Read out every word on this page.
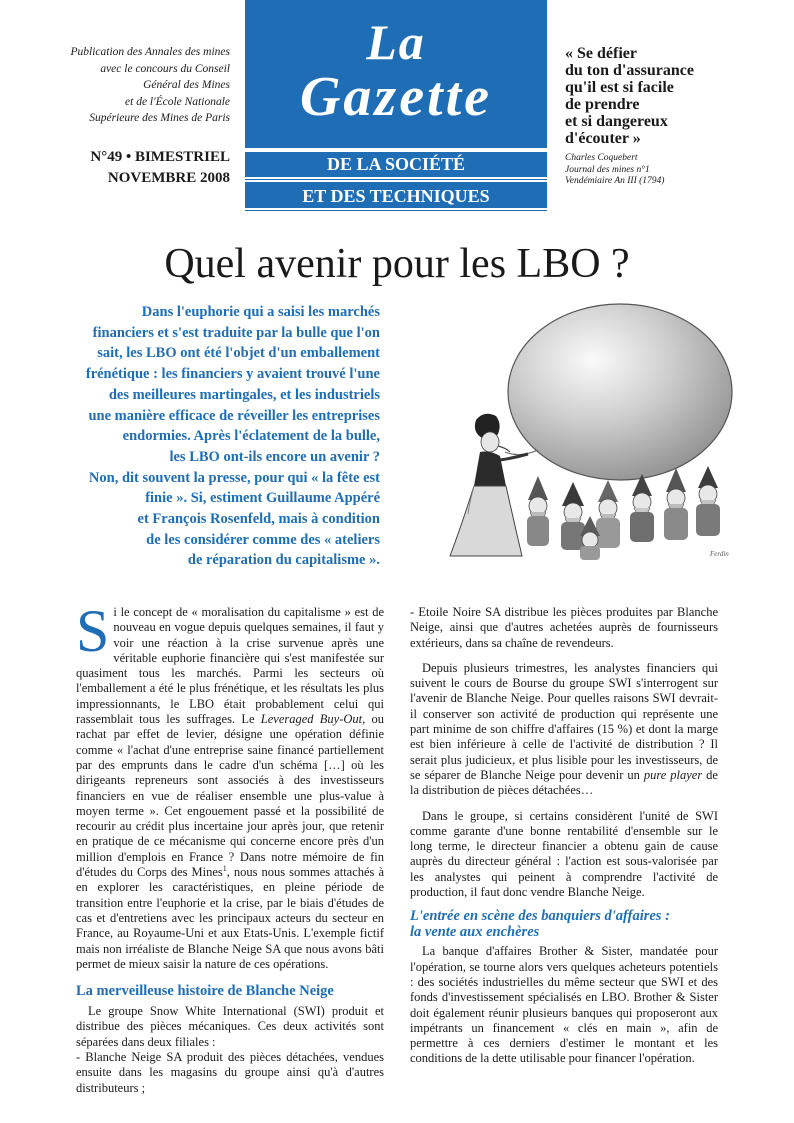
Publication des Annales des mines
avec le concours du Conseil
Général des Mines
et de l'École Nationale
Supérieure des Mines de Paris
N°49 • BIMESTRIEL
NOVEMBRE 2008
La
Gazette
DE LA SOCIÉTÉ
ET DES TECHNIQUES
« Se défier
du ton d'assurance
qu'il est si facile
de prendre
et si dangereux
d'écouter »
Charles Coquebert
Journal des mines n°1
Vendémiaire An III (1794)
Quel avenir pour les LBO ?
Dans l'euphorie qui a saisi les marchés
financiers et s'est traduite par la bulle que l'on
sait, les LBO ont été l'objet d'un emballement
frénétique : les financiers y avaient trouvé l'une
des meilleures martingales, et les industriels
une manière efficace de réveiller les entreprises
endormies. Après l'éclatement de la bulle,
les LBO ont-ils encore un avenir ?
Non, dit souvent la presse, pour qui « la fête est
finie ». Si, estiment Guillaume Appéré
et François Rosenfeld, mais à condition
de les considérer comme des « ateliers
de réparation du capitalisme ».	Ferdin

Si le concept de « moralisation du capitalisme » est de nouveau en vogue depuis quelques semaines, il faut y voir une réaction à la crise survenue après une véritable euphorie financière qui s'est manifestée sur quasiment tous les marchés. Parmi les secteurs où l'emballement a été le plus frénétique, et les résultats les plus impressionnants, le LBO était probablement celui qui rassemblait tous les suffrages. Le Leveraged Buy-Out, ou rachat par effet de levier, désigne une opération définie comme « l'achat d'une entreprise saine financé partiellement par des emprunts dans le cadre d'un schéma […] où les dirigeants repreneurs sont associés à des investisseurs financiers en vue de réaliser ensemble une plus-value à moyen terme ». Cet engouement passé et la possibilité de recourir au crédit plus incertaine jour après jour, que retenir en pratique de ce mécanisme qui concerne encore près d'un million d'emplois en France ? Dans notre mémoire de fin d'études du Corps des Mines$^1$, nous nous sommes attachés à en explorer les caractéristiques, en pleine période de transition entre l'euphorie et la crise, par le biais d'études de cas et d'entretiens avec les principaux acteurs du secteur en France, au Royaume-Uni et aux Etats-Unis. L'exemple fictif mais non irréaliste de Blanche Neige SA que nous avons bâti permet de mieux saisir la nature de ces opérations.

La merveilleuse histoire de Blanche Neige

Le groupe Snow White International (SWI) produit et distribue des pièces mécaniques. Ces deux activités sont séparées dans deux filiales :

- Blanche Neige SA produit des pièces détachées, vendues ensuite dans les magasins du groupe ainsi qu'à d'autres distributeurs ;

- Etoile Noire SA distribue les pièces produites par Blanche Neige, ainsi que d'autres achetées auprès de fournisseurs extérieurs, dans sa chaîne de revendeurs.

Depuis plusieurs trimestres, les analystes financiers qui suivent le cours de Bourse du groupe SWI s'interrogent sur l'avenir de Blanche Neige. Pour quelles raisons SWI devrait-il conserver son activité de production qui représente une part minime de son chiffre d'affaires (15 %) et dont la marge est bien inférieure à celle de l'activité de distribution ? Il serait plus judicieux, et plus lisible pour les investisseurs, de se séparer de Blanche Neige pour devenir un pure player de la distribution de pièces détachées…

Dans le groupe, si certains considèrent l'unité de SWI comme garante d'une bonne rentabilité d'ensemble sur le long terme, le directeur financier a obtenu gain de cause auprès du directeur général : l'action est sous-valorisée par les analystes qui peinent à comprendre l'activité de production, il faut donc vendre Blanche Neige.

L'entrée en scène des banquiers d'affaires :
la vente aux enchères

La banque d'affaires Brother & Sister, mandatée pour l'opération, se tourne alors vers quelques acheteurs potentiels : des sociétés industrielles du même secteur que SWI et des fonds d'investissement spécialisés en LBO. Brother & Sister doit également réunir plusieurs banques qui proposeront aux impétrants un financement « clés en main », afin de permettre à ces derniers d'estimer le montant et les conditions de la dette utilisable pour financer l'opération.
